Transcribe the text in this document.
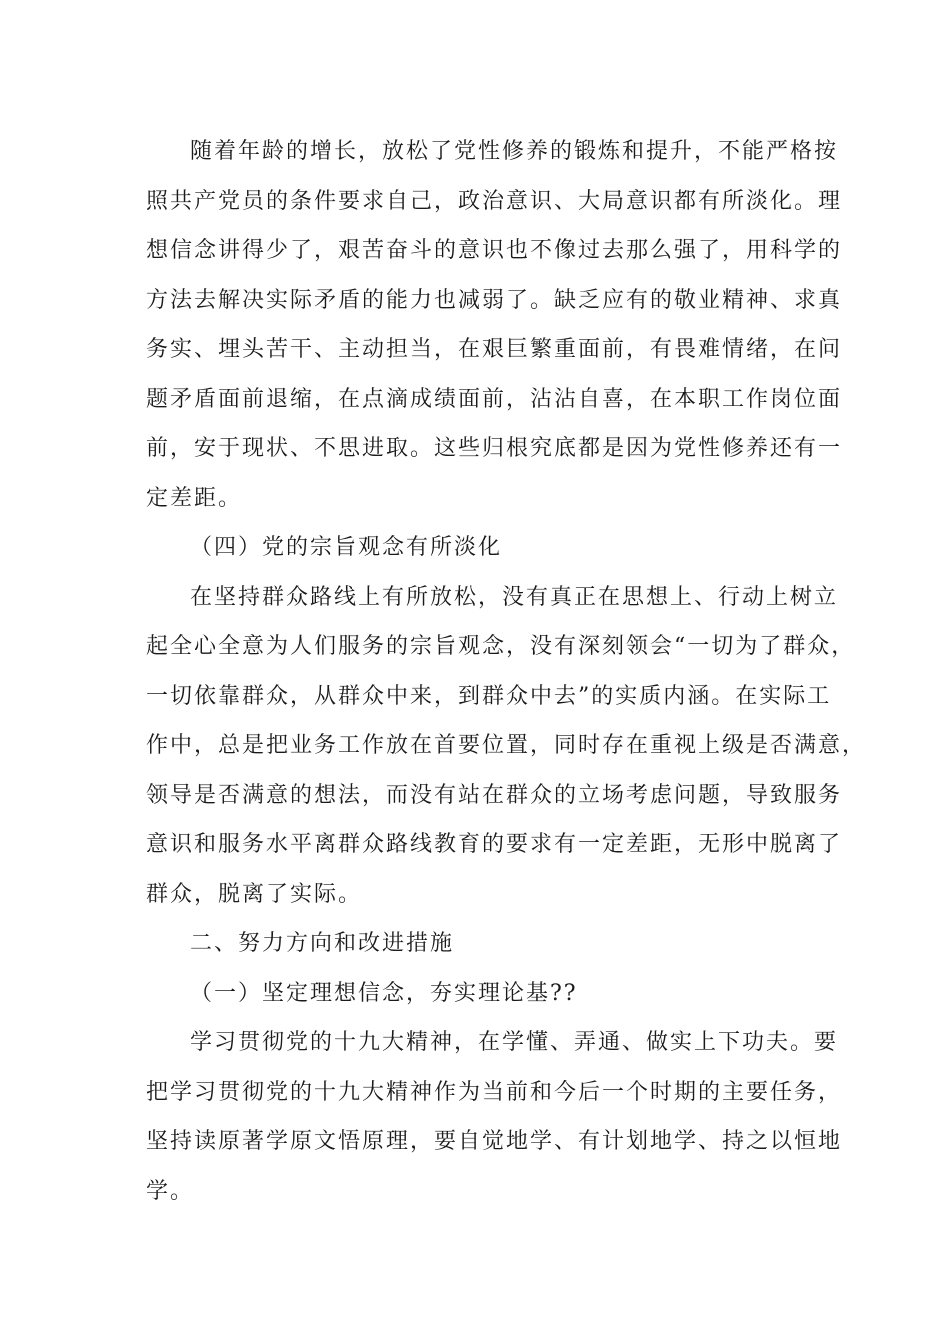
随着年龄的增长，放松了党性修养的锻炼和提升，不能严格按
照共产党员的条件要求自己，政治意识、大局意识都有所淡化。理
想信念讲得少了，艰苦奋斗的意识也不像过去那么强了，用科学的
方法去解决实际矛盾的能力也减弱了。缺乏应有的敬业精神、求真
务实、埋头苦干、主动担当，在艰巨繁重面前，有畏难情绪，在问
题矛盾面前退缩，在点滴成绩面前，沾沾自喜，在本职工作岗位面
前，安于现状、不思进取。这些归根究底都是因为党性修养还有一
定差距。
（四）党的宗旨观念有所淡化
在坚持群众路线上有所放松，没有真正在思想上、行动上树立
起全心全意为人们服务的宗旨观念，没有深刻领会“一切为了群众，
一切依靠群众，从群众中来，到群众中去”的实质内涵。在实际工
作中，总是把业务工作放在首要位置，同时存在重视上级是否满意，
领导是否满意的想法，而没有站在群众的立场考虑问题，导致服务
意识和服务水平离群众路线教育的要求有一定差距，无形中脱离了
群众，脱离了实际。
二、努力方向和改进措施
（一）坚定理想信念，夯实理论基??
学习贯彻党的十九大精神，在学懂、弄通、做实上下功夫。要
把学习贯彻党的十九大精神作为当前和今后一个时期的主要任务，
坚持读原著学原文悟原理，要自觉地学、有计划地学、持之以恒地
学。
